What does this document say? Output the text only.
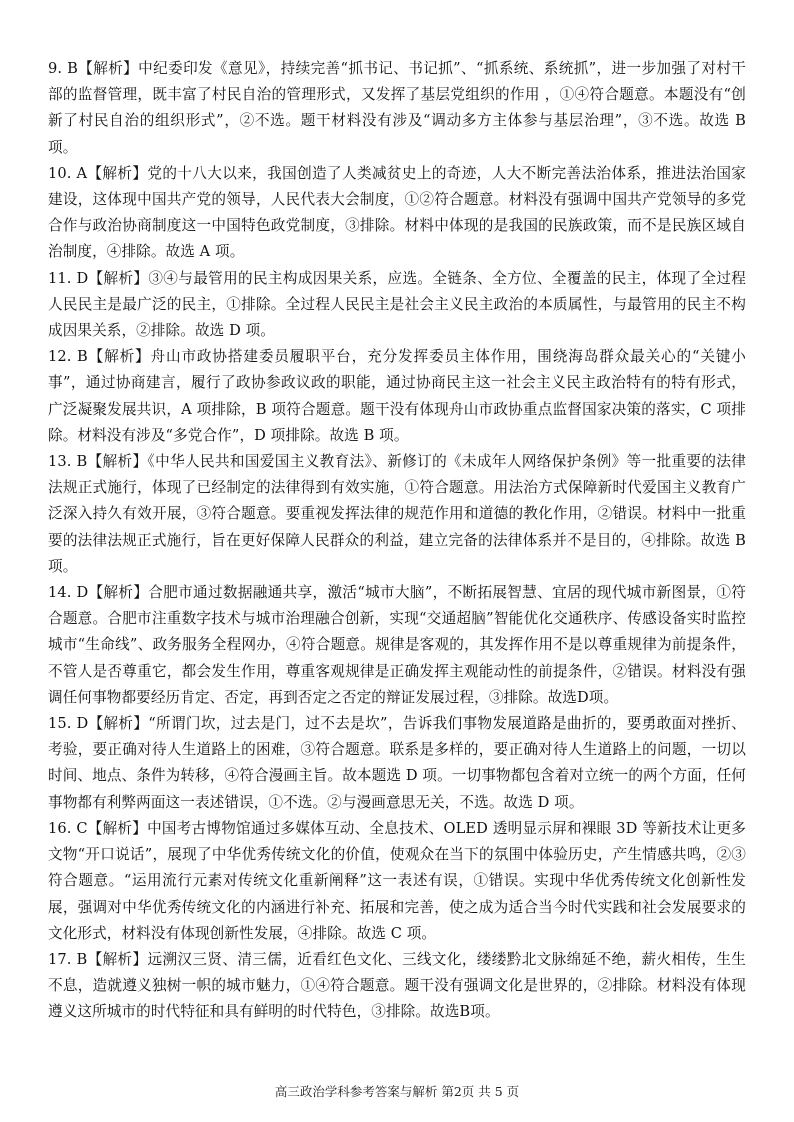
9. B【解析】中纪委印发《意见》，持续完善“抓书记、书记抓”、“抓系统、系统抓”，进一步加强了对村干部的监督管理，既丰富了村民自治的管理形式，又发挥了基层党组织的作用 ，①④符合题意。本题没有“创新了村民自治的组织形式”，②不选。题干材料没有涉及“调动多方主体参与基层治理”，③不选。故选 B 项。

10. A【解析】党的十八大以来，我国创造了人类减贫史上的奇迹，人大不断完善法治体系，推进法治国家建设，这体现中国共产党的领导，人民代表大会制度，①②符合题意。材料没有强调中国共产党领导的多党合作与政治协商制度这一中国特色政党制度，③排除。材料中体现的是我国的民族政策，而不是民族区域自治制度，④排除。故选 A 项。

11. D【解析】③④与最管用的民主构成因果关系，应选。全链条、全方位、全覆盖的民主，体现了全过程人民民主是最广泛的民主，①排除。全过程人民民主是社会主义民主政治的本质属性，与最管用的民主不构成因果关系，②排除。故选 D 项。

12. B【解析】舟山市政协搭建委员履职平台，充分发挥委员主体作用，围绕海岛群众最关心的“关键小事”，通过协商建言，履行了政协参政议政的职能，通过协商民主这一社会主义民主政治特有的特有形式，广泛凝聚发展共识，A 项排除，B 项符合题意。题干没有体现舟山市政协重点监督国家决策的落实，C 项排除。材料没有涉及“多党合作”，D 项排除。故选 B 项。

13. B【解析】《中华人民共和国爱国主义教育法》、新修订的《未成年人网络保护条例》等一批重要的法律法规正式施行，体现了已经制定的法律得到有效实施，①符合题意。用法治方式保障新时代爱国主义教育广泛深入持久有效开展，③符合题意。要重视发挥法律的规范作用和道德的教化作用，②错误。材料中一批重要的法律法规正式施行，旨在更好保障人民群众的利益，建立完备的法律体系并不是目的，④排除。故选 B 项。

14. D【解析】合肥市通过数据融通共享，激活“城市大脑”，不断拓展智慧、宜居的现代城市新图景，①符合题意。合肥市注重数字技术与城市治理融合创新，实现“交通超脑”智能优化交通秩序、传感设备实时监控城市“生命线”、政务服务全程网办，④符合题意。规律是客观的，其发挥作用不是以尊重规律为前提条件，不管人是否尊重它，都会发生作用，尊重客观规律是正确发挥主观能动性的前提条件，②错误。材料没有强调任何事物都要经历肯定、否定，再到否定之否定的辩证发展过程，③排除。故选D项。

15. D【解析】“所谓门坎，过去是门，过不去是坎”，告诉我们事物发展道路是曲折的，要勇敢面对挫折、考验，要正确对待人生道路上的困难，③符合题意。联系是多样的，要正确对待人生道路上的问题，一切以时间、地点、条件为转移，④符合漫画主旨。故本题选 D 项。一切事物都包含着对立统一的两个方面，任何事物都有利弊两面这一表述错误，①不选。②与漫画意思无关，不选。故选 D 项。

16. C【解析】中国考古博物馆通过多媒体互动、全息技术、OLED 透明显示屏和裸眼 3D 等新技术让更多文物“开口说话”，展现了中华优秀传统文化的价值，使观众在当下的氛围中体验历史，产生情感共鸣，②③符合题意。“运用流行元素对传统文化重新阐释”这一表述有误，①错误。实现中华优秀传统文化创新性发展，强调对中华优秀传统文化的内涵进行补充、拓展和完善，使之成为适合当今时代实践和社会发展要求的文化形式，材料没有体现创新性发展，④排除。故选 C 项。

17. B【解析】远溯汉三贤、清三儒，近看红色文化、三线文化，缕缕黔北文脉绵延不绝，薪火相传，生生不息，造就遵义独树一帜的城市魅力，①④符合题意。题干没有强调文化是世界的，②排除。材料没有体现遵义这所城市的时代特征和具有鲜明的时代特色，③排除。故选B项。

高三政治学科参考答案与解析 第2页 共 5 页
